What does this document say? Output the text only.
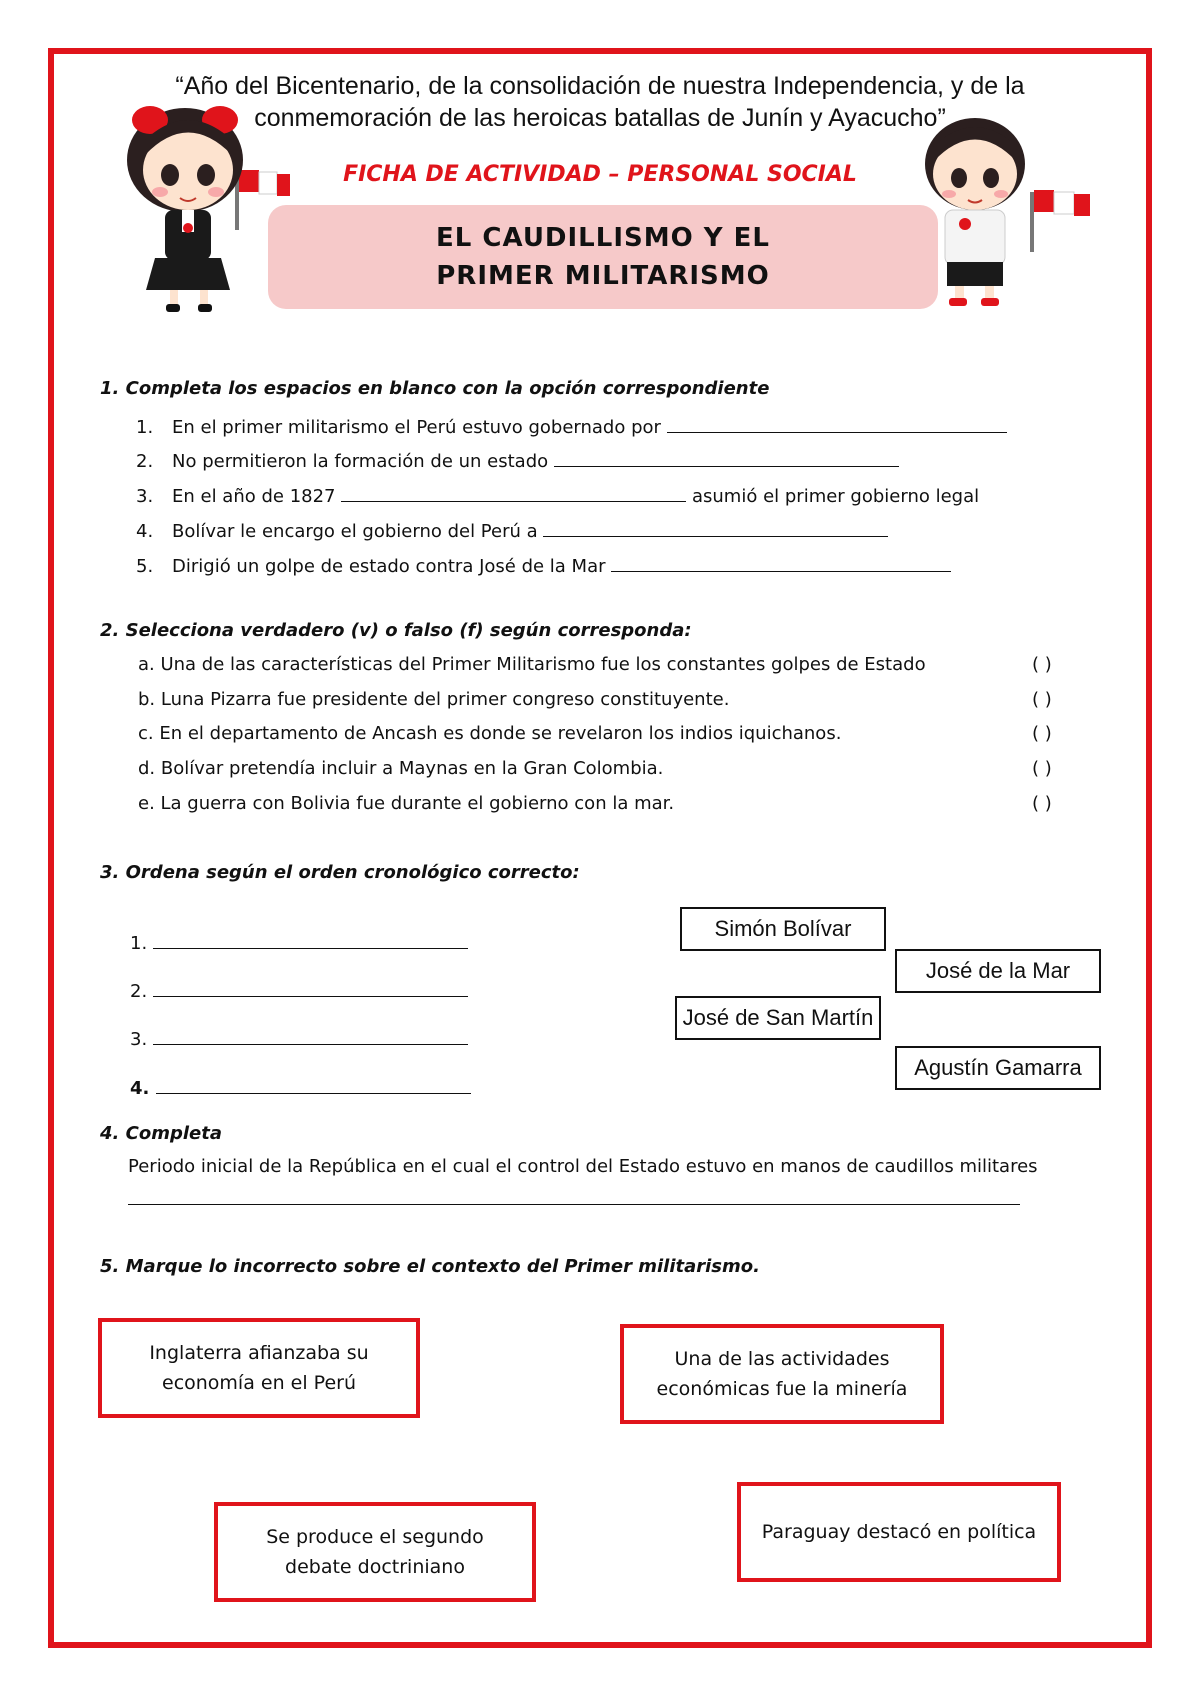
“Año del Bicentenario, de la consolidación de nuestra Independencia, y de la conmemoración de las heroicas batallas de Junín y Ayacucho”
FICHA DE ACTIVIDAD – PERSONAL SOCIAL
EL CAUDILLISMO Y EL PRIMER MILITARISMO
1. Completa los espacios en blanco con la opción correspondiente
1. En el primer militarismo el Perú estuvo gobernado por
2. No permitieron la formación de un estado
3. En el año de 1827	asumió el primer gobierno legal
4. Bolívar le encargo el gobierno del Perú a
5. Dirigió un golpe de estado contra José de la Mar
2. Selecciona verdadero (v) o falso (f) según corresponda:
a. Una de las características del Primer Militarismo fue los constantes golpes de Estado
b. Luna Pizarra fue presidente del primer congreso constituyente.
c. En el departamento de Ancash es donde se revelaron los indios iquichanos.
d. Bolívar pretendía incluir a Maynas en la Gran Colombia.
e. La guerra con Bolivia fue durante el gobierno con la mar.
( )
( )
( )
( )
( )
3. Ordena según el orden cronológico correcto:
1.
2.
3.
4.
Simón Bolívar
José de la Mar
José de San Martín
Agustín Gamarra
4. Completa
Periodo inicial de la República en el cual el control del Estado estuvo en manos de caudillos militares
5. Marque lo incorrecto sobre el contexto del Primer militarismo.
Inglaterra afianzaba su economía en el Perú
Una de las actividades económicas fue la minería
Se produce el segundo debate doctriniano
Paraguay destacó en política
